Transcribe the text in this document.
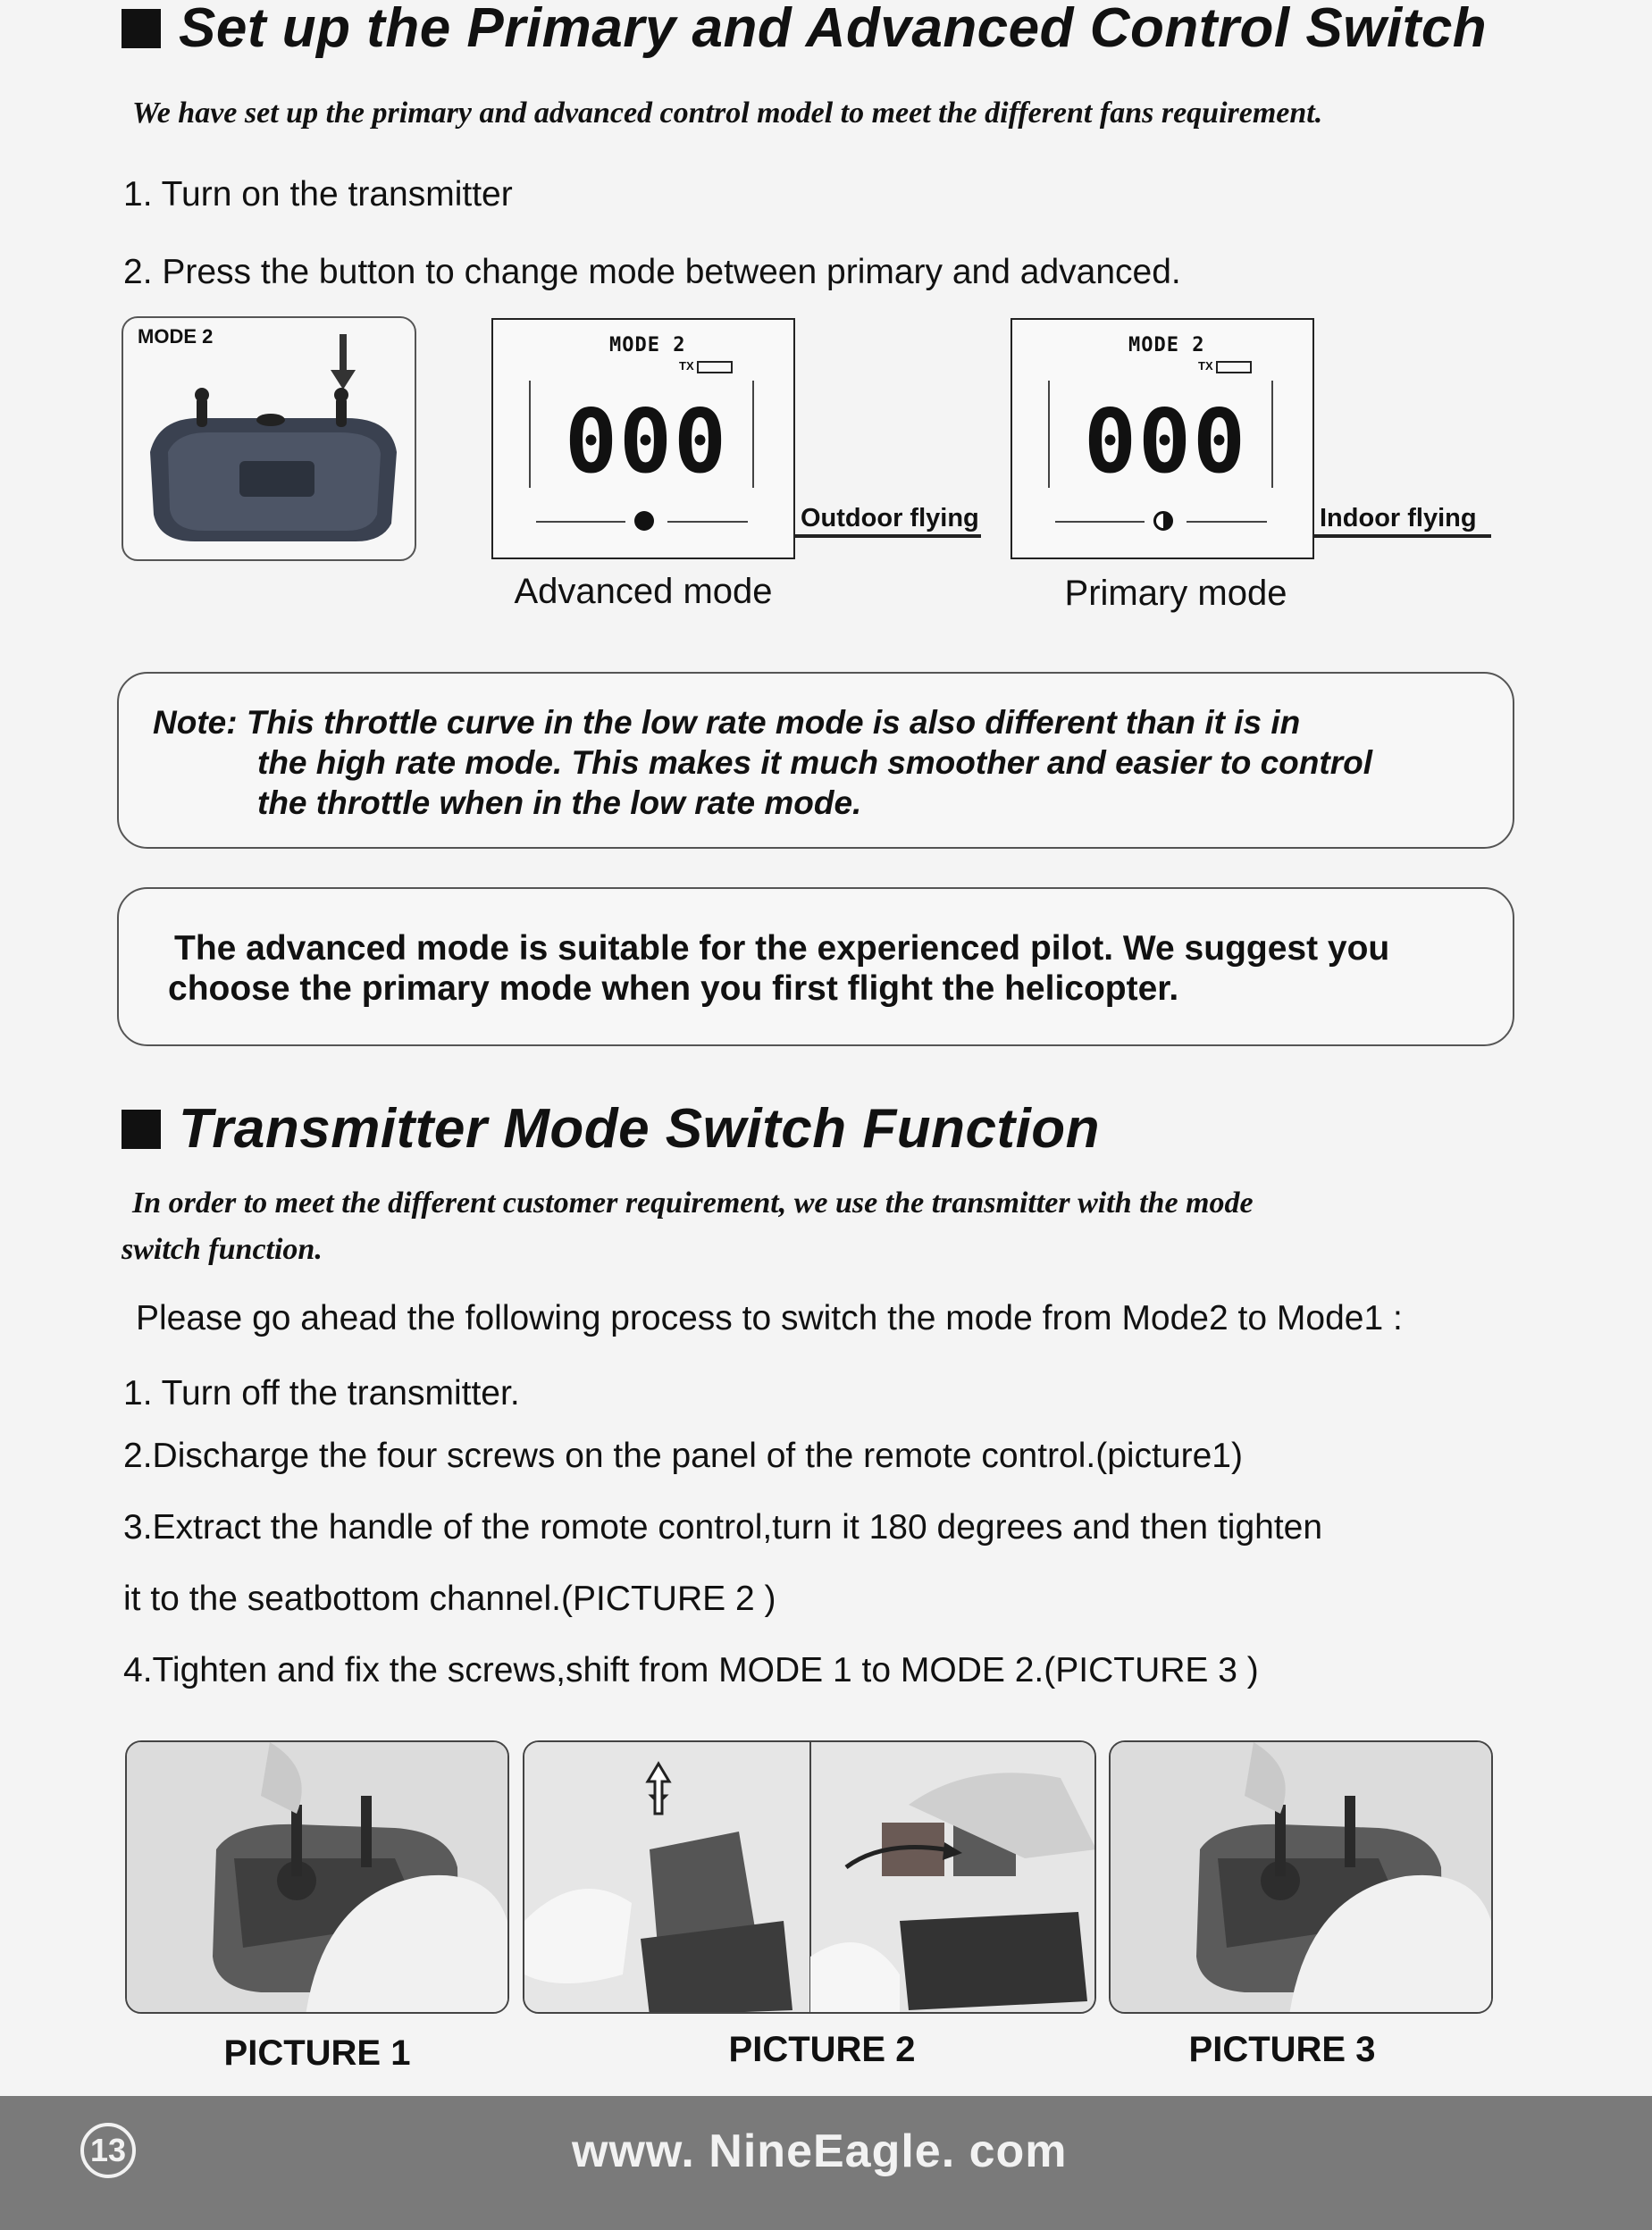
Set up the Primary and Advanced Control Switch
We have set up the primary and advanced control model to meet the different fans requirement.
1. Turn on the transmitter
2. Press the button to change mode between primary and advanced.
MODE 2	MODE 2
TX
000
Outdoor flying
Advanced mode
MODE 2
TX
000
Indoor flying
Primary mode
Note: This throttle curve in the low rate mode is also different than it is in
the high rate mode. This makes it much smoother and easier to control
the throttle when in the low rate mode.
The advanced mode is suitable for the experienced pilot. We suggest you
choose the primary mode when you first flight the helicopter.
Transmitter Mode Switch Function
In order to meet the different customer requirement, we use the transmitter with the mode
switch function.
Please go ahead the following process to switch the mode from Mode2 to Mode1 :
1. Turn off the transmitter.
2.Discharge the four screws on the panel of the remote control.(picture1)
3.Extract the handle of the romote control,turn it 180 degrees and then tighten
it to the seatbottom channel.(PICTURE 2 )
4.Tighten and fix the screws,shift from MODE 1 to MODE 2.(PICTURE 3 )
PICTURE 1	PICTURE 2	PICTURE 3
13	www. NineEagle. com
